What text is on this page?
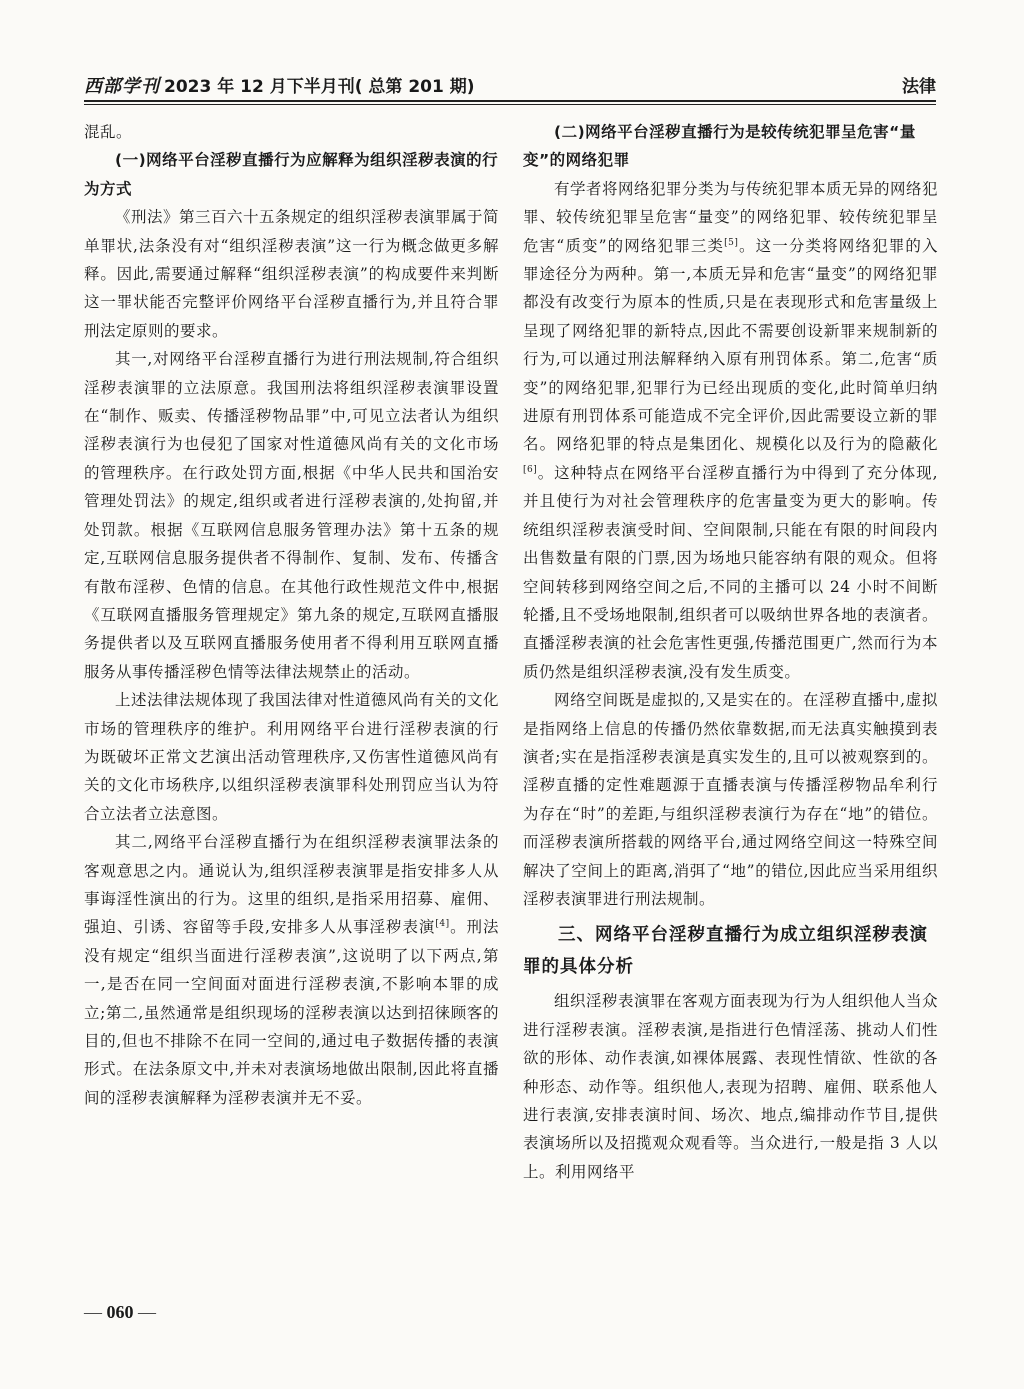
西部学刊 2023 年 12 月下半月刊( 总第 201 期)	法律

混乱。

(一)网络平台淫秽直播行为应解释为组织淫秽表演的行为方式

《刑法》第三百六十五条规定的组织淫秽表演罪属于简单罪状,法条没有对“组织淫秽表演”这一行为概念做更多解释。因此,需要通过解释“组织淫秽表演”的构成要件来判断这一罪状能否完整评价网络平台淫秽直播行为,并且符合罪刑法定原则的要求。

其一,对网络平台淫秽直播行为进行刑法规制,符合组织淫秽表演罪的立法原意。我国刑法将组织淫秽表演罪设置在“制作、贩卖、传播淫秽物品罪”中,可见立法者认为组织淫秽表演行为也侵犯了国家对性道德风尚有关的文化市场的管理秩序。在行政处罚方面,根据《中华人民共和国治安管理处罚法》的规定,组织或者进行淫秽表演的,处拘留,并处罚款。根据《互联网信息服务管理办法》第十五条的规定,互联网信息服务提供者不得制作、复制、发布、传播含有散布淫秽、色情的信息。在其他行政性规范文件中,根据《互联网直播服务管理规定》第九条的规定,互联网直播服务提供者以及互联网直播服务使用者不得利用互联网直播服务从事传播淫秽色情等法律法规禁止的活动。

上述法律法规体现了我国法律对性道德风尚有关的文化市场的管理秩序的维护。利用网络平台进行淫秽表演的行为既破坏正常文艺演出活动管理秩序,又伤害性道德风尚有关的文化市场秩序,以组织淫秽表演罪科处刑罚应当认为符合立法者立法意图。

其二,网络平台淫秽直播行为在组织淫秽表演罪法条的客观意思之内。通说认为,组织淫秽表演罪是指安排多人从事诲淫性演出的行为。这里的组织,是指采用招募、雇佣、强迫、引诱、容留等手段,安排多人从事淫秽表演[4]。刑法没有规定“组织当面进行淫秽表演”,这说明了以下两点,第一,是否在同一空间面对面进行淫秽表演,不影响本罪的成立;第二,虽然通常是组织现场的淫秽表演以达到招徕顾客的目的,但也不排除不在同一空间的,通过电子数据传播的表演形式。在法条原文中,并未对表演场地做出限制,因此将直播间的淫秽表演解释为淫秽表演并无不妥。

(二)网络平台淫秽直播行为是较传统犯罪呈危害“量变”的网络犯罪

有学者将网络犯罪分类为与传统犯罪本质无异的网络犯罪、较传统犯罪呈危害“量变”的网络犯罪、较传统犯罪呈危害“质变”的网络犯罪三类[5]。这一分类将网络犯罪的入罪途径分为两种。第一,本质无异和危害“量变”的网络犯罪都没有改变行为原本的性质,只是在表现形式和危害量级上呈现了网络犯罪的新特点,因此不需要创设新罪来规制新的行为,可以通过刑法解释纳入原有刑罚体系。第二,危害“质变”的网络犯罪,犯罪行为已经出现质的变化,此时简单归纳进原有刑罚体系可能造成不完全评价,因此需要设立新的罪名。网络犯罪的特点是集团化、规模化以及行为的隐蔽化[6]。这种特点在网络平台淫秽直播行为中得到了充分体现,并且使行为对社会管理秩序的危害量变为更大的影响。传统组织淫秽表演受时间、空间限制,只能在有限的时间段内出售数量有限的门票,因为场地只能容纳有限的观众。但将空间转移到网络空间之后,不同的主播可以 24 小时不间断轮播,且不受场地限制,组织者可以吸纳世界各地的表演者。直播淫秽表演的社会危害性更强,传播范围更广,然而行为本质仍然是组织淫秽表演,没有发生质变。

网络空间既是虚拟的,又是实在的。在淫秽直播中,虚拟是指网络上信息的传播仍然依靠数据,而无法真实触摸到表演者;实在是指淫秽表演是真实发生的,且可以被观察到的。淫秽直播的定性难题源于直播表演与传播淫秽物品牟利行为存在“时”的差距,与组织淫秽表演行为存在“地”的错位。而淫秽表演所搭载的网络平台,通过网络空间这一特殊空间解决了空间上的距离,消弭了“地”的错位,因此应当采用组织淫秽表演罪进行刑法规制。

三、网络平台淫秽直播行为成立组织淫秽表演罪的具体分析

组织淫秽表演罪在客观方面表现为行为人组织他人当众进行淫秽表演。淫秽表演,是指进行色情淫荡、挑动人们性欲的形体、动作表演,如裸体展露、表现性情欲、性欲的各种形态、动作等。组织他人,表现为招聘、雇佣、联系他人进行表演,安排表演时间、场次、地点,编排动作节目,提供表演场所以及招揽观众观看等。当众进行,一般是指 3 人以上。利用网络平

— 060 —
